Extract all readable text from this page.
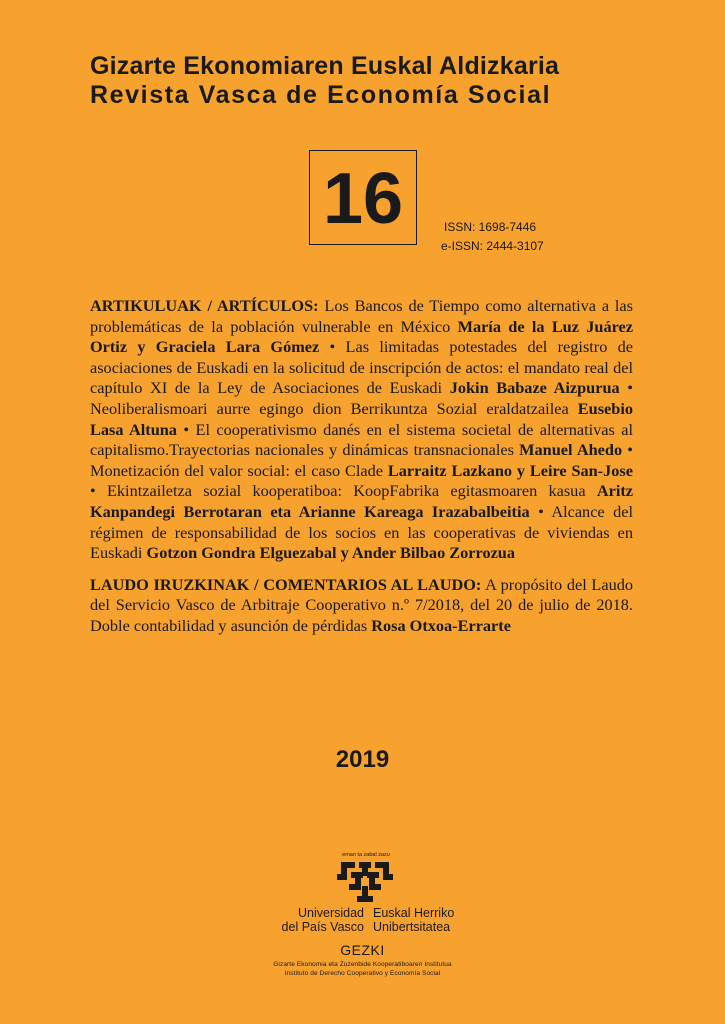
Gizarte Ekonomiaren Euskal Aldizkaria
Revista Vasca de Economía Social
16	ISSN: 1698-7446
e-ISSN: 2444-3107

ARTIKULUAK / ARTÍCULOS: Los Bancos de Tiempo como alternativa a las problemáticas de la población vulnerable en México María de la Luz Juárez Ortiz y Graciela Lara Gómez • Las limitadas potestades del registro de asociaciones de Euskadi en la solicitud de inscripción de actos: el mandato real del capítulo XI de la Ley de Asociaciones de Euskadi Jokin Babaze Aizpurua • Neoliberalismoari aurre egingo dion Berrikuntza Sozial eraldatzailea Eusebio Lasa Altuna • El cooperativismo danés en el sistema societal de alternativas al capitalismo.Trayectorias nacionales y dinámicas transnacionales Manuel Ahedo • Monetización del valor social: el caso Clade Larraitz Lazkano y Leire San-Jose • Ekintzailetza sozial kooperatiboa: KoopFabrika egitasmoaren kasua Aritz Kanpandegi Berrotaran eta Arianne Kareaga Irazabalbeitia • Alcance del régimen de responsabilidad de los socios en las cooperativas de viviendas en Euskadi Gotzon Gondra Elguezabal y Ander Bilbao Zorrozua

LAUDO IRUZKINAK / COMENTARIOS AL LAUDO: A propósito del Laudo del Servicio Vasco de Arbitraje Cooperativo n.º 7/2018, del 20 de julio de 2018. Doble contabilidad y asunción de pérdidas Rosa Otxoa-Errarte

2019
eman ta zabal zazu
Universidad
del País Vasco
Euskal Herriko
Unibertsitatea
GEZKI
Gizarte Ekonomia eta Zuzenbide Kooperatiboaren Institutua
Instituto de Derecho Cooperativo y Economía Social
